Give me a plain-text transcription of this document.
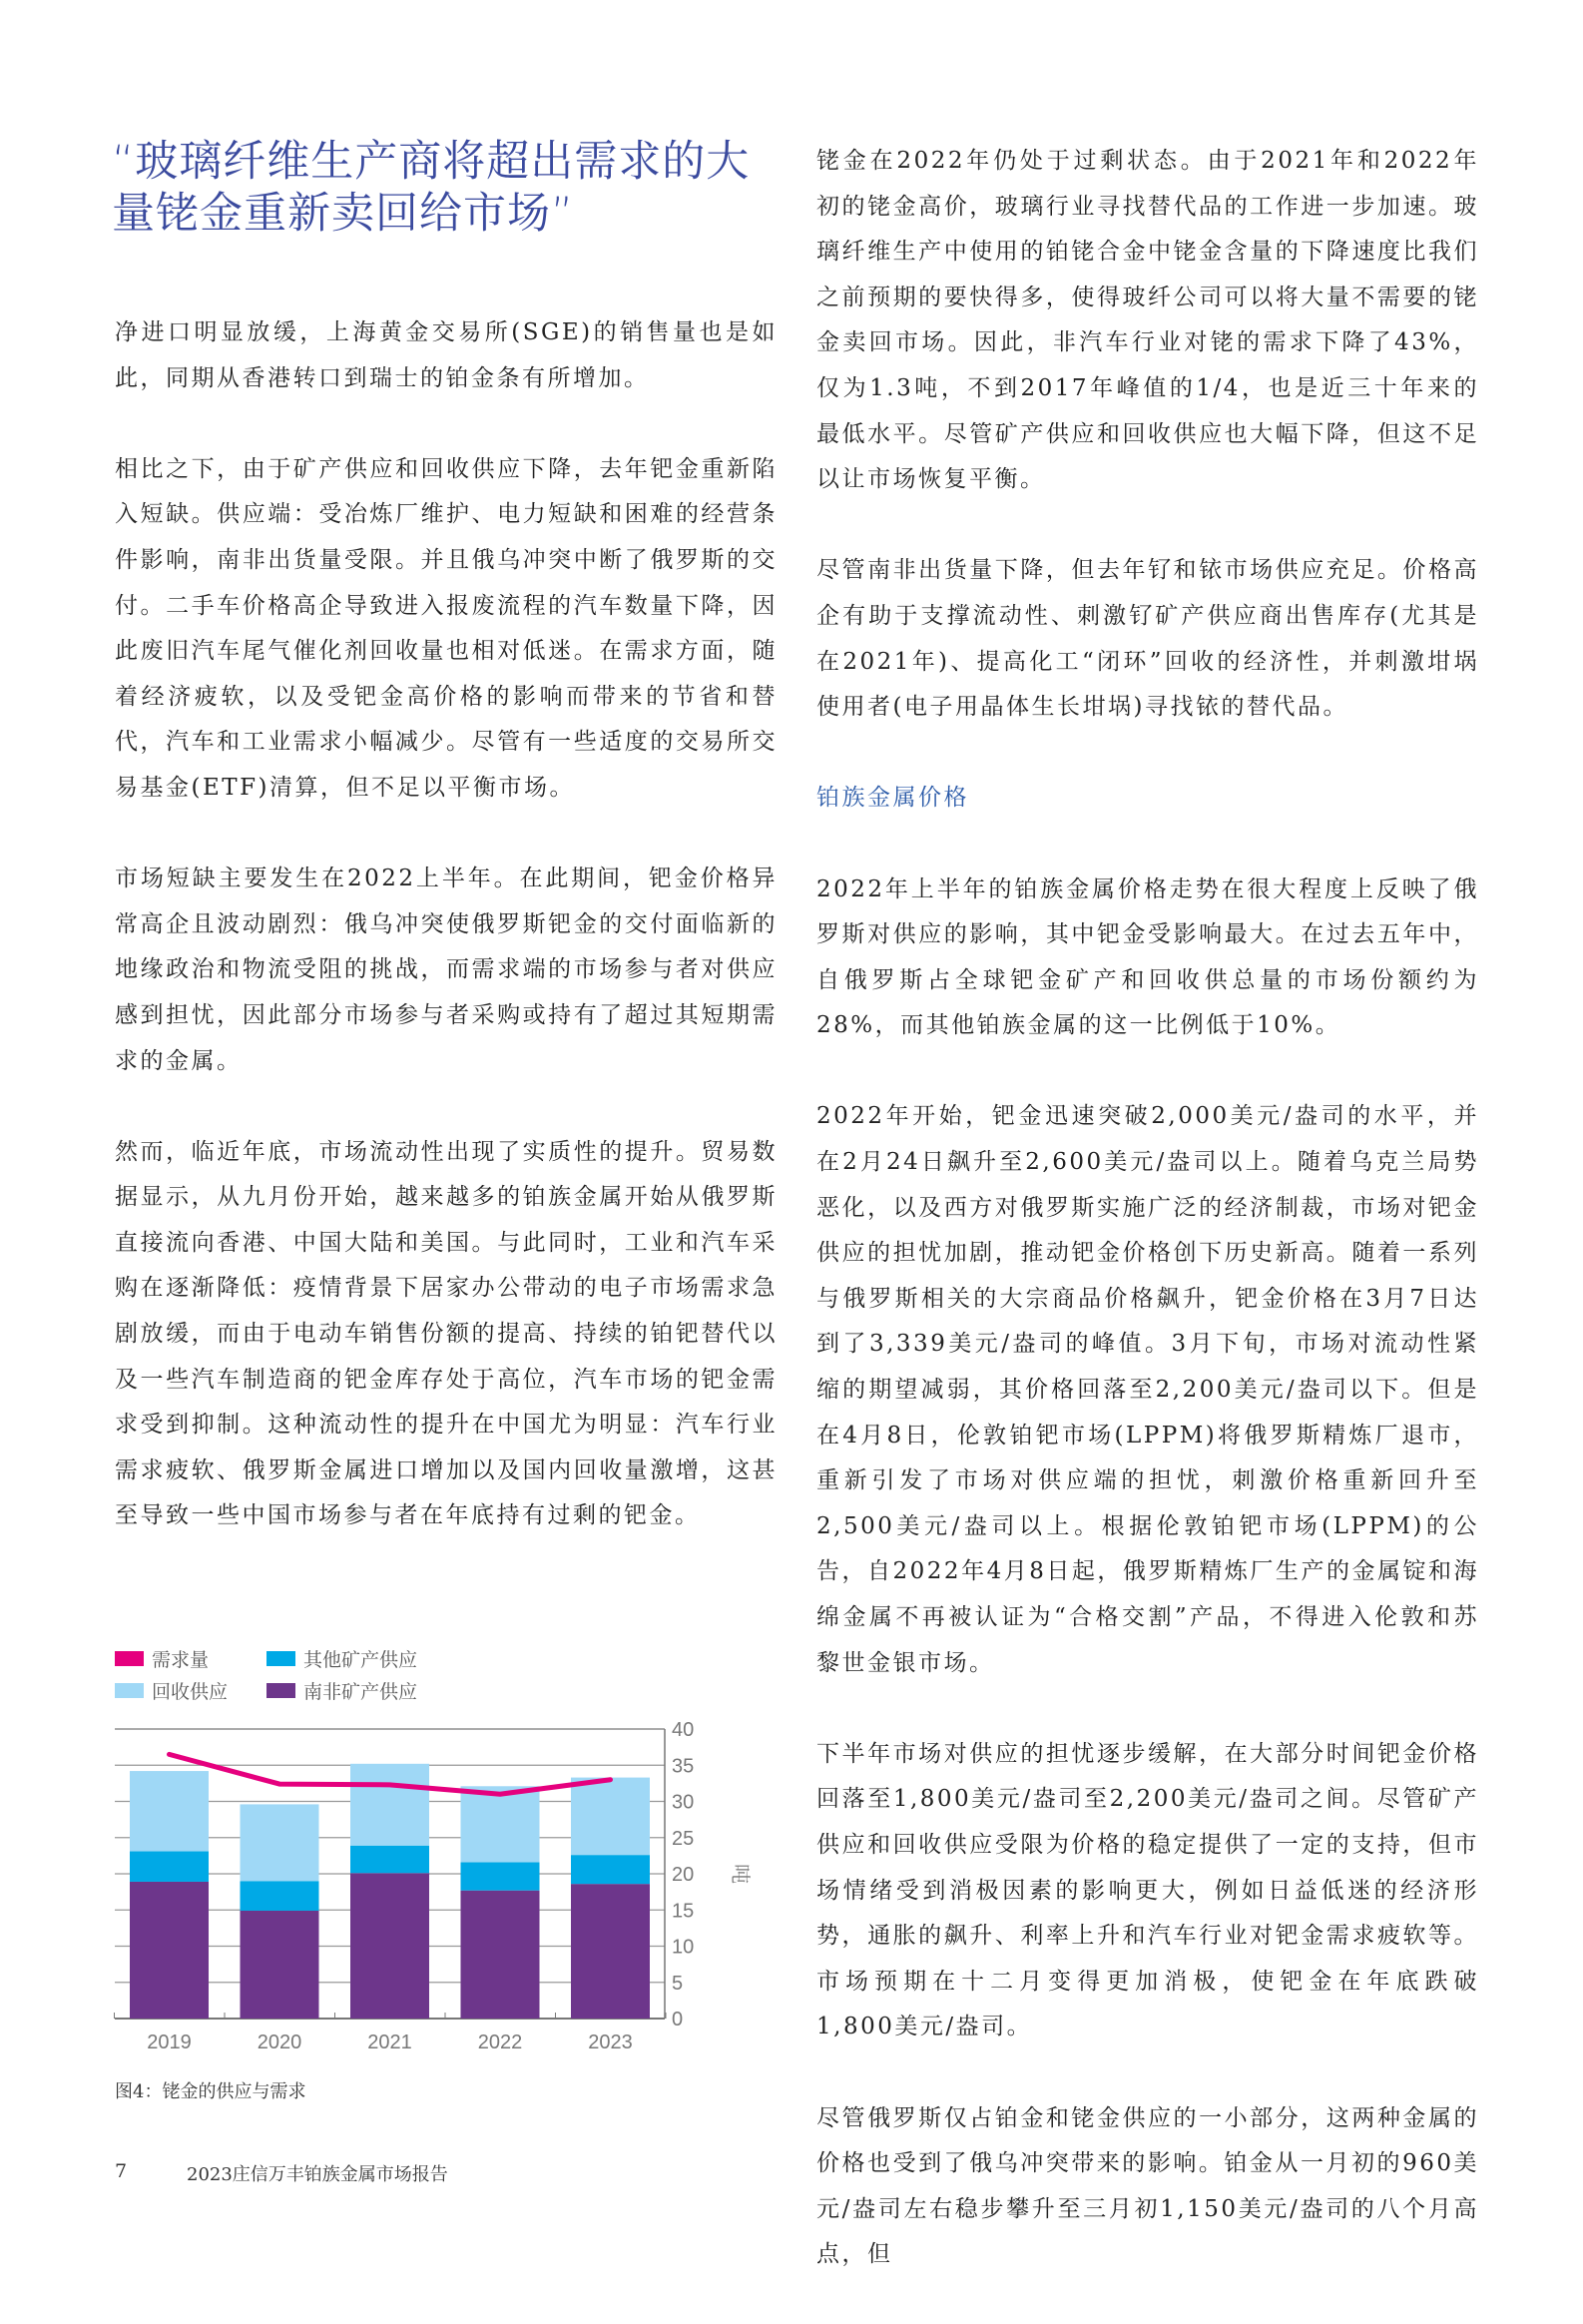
“玻璃纤维生产商将超出需求的大量铑金重新卖回给市场”

净进口明显放缓，上海黄金交易所(SGE)的销售量也是如此，同期从香港转口到瑞士的铂金条有所增加。

相比之下，由于矿产供应和回收供应下降，去年钯金重新陷入短缺。供应端：受冶炼厂维护、电力短缺和困难的经营条件影响，南非出货量受限。并且俄乌冲突中断了俄罗斯的交付。二手车价格高企导致进入报废流程的汽车数量下降，因此废旧汽车尾气催化剂回收量也相对低迷。在需求方面，随着经济疲软，以及受钯金高价格的影响而带来的节省和替代，汽车和工业需求小幅减少。尽管有一些适度的交易所交易基金(ETF)清算，但不足以平衡市场。

市场短缺主要发生在2022上半年。在此期间，钯金价格异常高企且波动剧烈：俄乌冲突使俄罗斯钯金的交付面临新的地缘政治和物流受阻的挑战，而需求端的市场参与者对供应感到担忧，因此部分市场参与者采购或持有了超过其短期需求的金属。

然而，临近年底，市场流动性出现了实质性的提升。贸易数据显示，从九月份开始，越来越多的铂族金属开始从俄罗斯直接流向香港、中国大陆和美国。与此同时，工业和汽车采购在逐渐降低：疫情背景下居家办公带动的电子市场需求急剧放缓，而由于电动车销售份额的提高、持续的铂钯替代以及一些汽车制造商的钯金库存处于高位，汽车市场的钯金需求受到抑制。这种流动性的提升在中国尤为明显：汽车行业需求疲软、俄罗斯金属进口增加以及国内回收量激增，这甚至导致一些中国市场参与者在年底持有过剩的钯金。

铑金在2022年仍处于过剩状态。由于2021年和2022年初的铑金高价，玻璃行业寻找替代品的工作进一步加速。玻璃纤维生产中使用的铂铑合金中铑金含量的下降速度比我们之前预期的要快得多，使得玻纤公司可以将大量不需要的铑金卖回市场。因此，非汽车行业对铑的需求下降了43%，仅为1.3吨，不到2017年峰值的1/4，也是近三十年来的最低水平。尽管矿产供应和回收供应也大幅下降，但这不足以让市场恢复平衡。

尽管南非出货量下降，但去年钌和铱市场供应充足。价格高企有助于支撑流动性、刺激钌矿产供应商出售库存(尤其是在2021年)、提高化工“闭环”回收的经济性，并刺激坩埚使用者(电子用晶体生长坩埚)寻找铱的替代品。

铂族金属价格

2022年上半年的铂族金属价格走势在很大程度上反映了俄罗斯对供应的影响，其中钯金受影响最大。在过去五年中，自俄罗斯占全球钯金矿产和回收供总量的市场份额约为28%，而其他铂族金属的这一比例低于10%。

2022年开始，钯金迅速突破2,000美元/盎司的水平，并在2月24日飙升至2,600美元/盎司以上。随着乌克兰局势恶化，以及西方对俄罗斯实施广泛的经济制裁，市场对钯金供应的担忧加剧，推动钯金价格创下历史新高。随着一系列与俄罗斯相关的大宗商品价格飙升，钯金价格在3月7日达到了3,339美元/盎司的峰值。3月下旬，市场对流动性紧缩的期望减弱，其价格回落至2,200美元/盎司以下。但是在4月8日，伦敦铂钯市场(LPPM)将俄罗斯精炼厂退市，重新引发了市场对供应端的担忧，刺激价格重新回升至2,500美元/盎司以上。根据伦敦铂钯市场(LPPM)的公告，自2022年4月8日起，俄罗斯精炼厂生产的金属锭和海绵金属不再被认证为“合格交割”产品，不得进入伦敦和苏黎世金银市场。

下半年市场对供应的担忧逐步缓解，在大部分时间钯金价格回落至1,800美元/盎司至2,200美元/盎司之间。尽管矿产供应和回收供应受限为价格的稳定提供了一定的支持，但市场情绪受到消极因素的影响更大，例如日益低迷的经济形势，通胀的飙升、利率上升和汽车行业对钯金需求疲软等。市场预期在十二月变得更加消极，使钯金在年底跌破1,800美元/盎司。

尽管俄罗斯仅占铂金和铑金供应的一小部分，这两种金属的价格也受到了俄乌冲突带来的影响。铂金从一月初的960美元/盎司左右稳步攀升至三月初1,150美元/盎司的八个月高点，但

需求量	其他矿产供应
回收供应	南非矿产供应
0
5
10
15
20
25
30
35
40
2019	2020	2021	2022	2023
吨
图4：铑金的供应与需求
7	2023庄信万丰铂族金属市场报告
